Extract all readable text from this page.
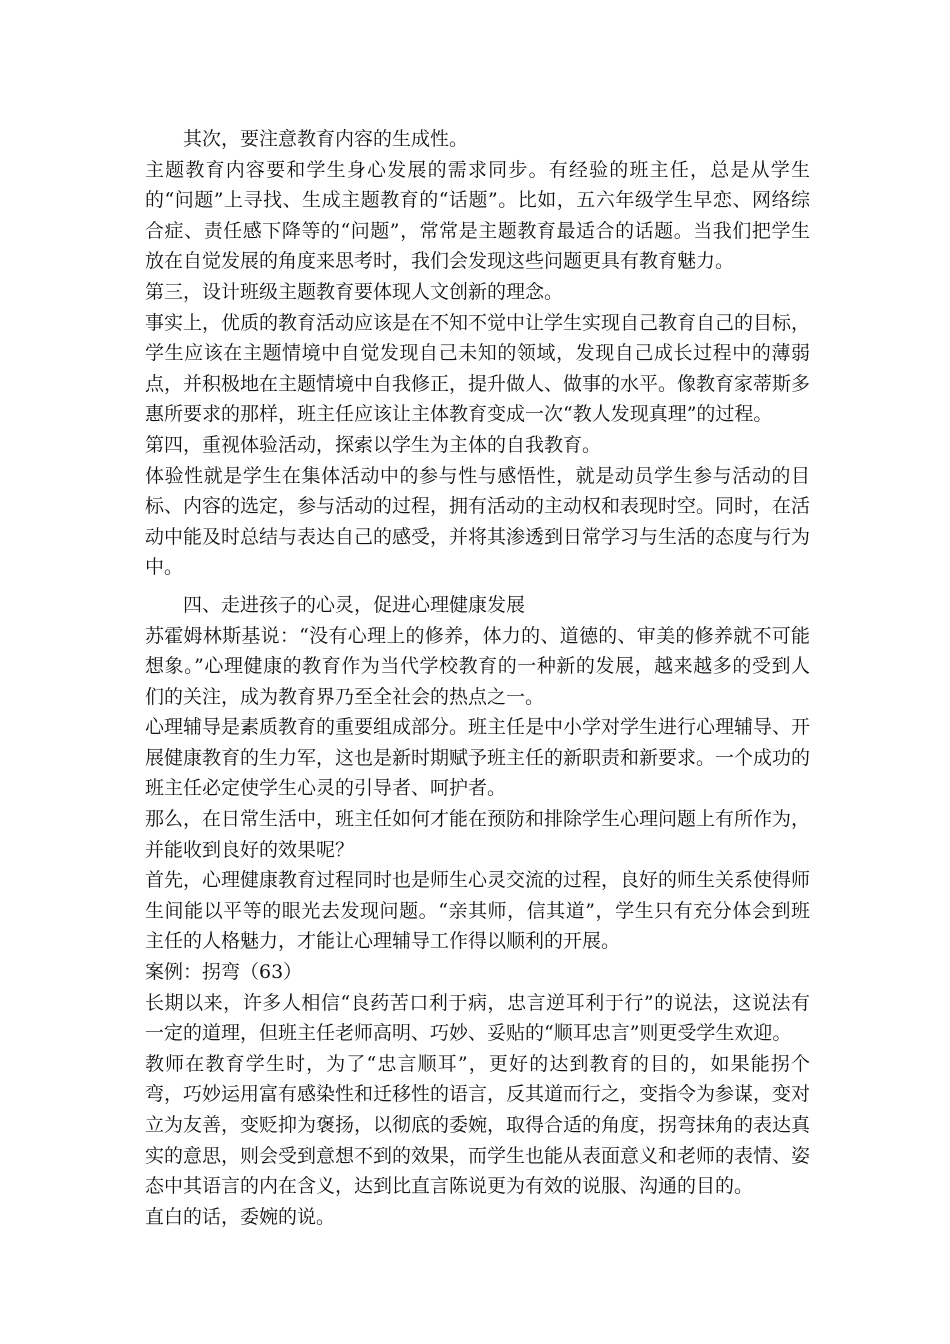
其次，要注意教育内容的生成性。

主题教育内容要和学生身心发展的需求同步。有经验的班主任，总是从学生的“问题”上寻找、生成主题教育的“话题”。比如，五六年级学生早恋、网络综合症、责任感下降等的“问题”，常常是主题教育最适合的话题。当我们把学生放在自觉发展的角度来思考时，我们会发现这些问题更具有教育魅力。

第三，设计班级主题教育要体现人文创新的理念。

事实上，优质的教育活动应该是在不知不觉中让学生实现自己教育自己的目标，学生应该在主题情境中自觉发现自己未知的领域，发现自己成长过程中的薄弱点，并积极地在主题情境中自我修正，提升做人、做事的水平。像教育家蒂斯多惠所要求的那样，班主任应该让主体教育变成一次“教人发现真理”的过程。

第四，重视体验活动，探索以学生为主体的自我教育。

体验性就是学生在集体活动中的参与性与感悟性，就是动员学生参与活动的目标、内容的选定，参与活动的过程，拥有活动的主动权和表现时空。同时，在活动中能及时总结与表达自己的感受，并将其渗透到日常学习与生活的态度与行为中。

四、走进孩子的心灵，促进心理健康发展

苏霍姆林斯基说：“没有心理上的修养，体力的、道德的、审美的修养就不可能想象。”心理健康的教育作为当代学校教育的一种新的发展，越来越多的受到人们的关注，成为教育界乃至全社会的热点之一。

心理辅导是素质教育的重要组成部分。班主任是中小学对学生进行心理辅导、开展健康教育的生力军，这也是新时期赋予班主任的新职责和新要求。一个成功的班主任必定使学生心灵的引导者、呵护者。

那么，在日常生活中，班主任如何才能在预防和排除学生心理问题上有所作为，并能收到良好的效果呢？

首先，心理健康教育过程同时也是师生心灵交流的过程，良好的师生关系使得师生间能以平等的眼光去发现问题。“亲其师，信其道”，学生只有充分体会到班主任的人格魅力，才能让心理辅导工作得以顺利的开展。

案例：拐弯（63）

长期以来，许多人相信“良药苦口利于病，忠言逆耳利于行”的说法，这说法有一定的道理，但班主任老师高明、巧妙、妥贴的“顺耳忠言”则更受学生欢迎。

教师在教育学生时，为了“忠言顺耳”，更好的达到教育的目的，如果能拐个弯，巧妙运用富有感染性和迁移性的语言，反其道而行之，变指令为参谋，变对立为友善，变贬抑为褒扬，以彻底的委婉，取得合适的角度，拐弯抹角的表达真实的意思，则会受到意想不到的效果，而学生也能从表面意义和老师的表情、姿态中其语言的内在含义，达到比直言陈说更为有效的说服、沟通的目的。

直白的话，委婉的说。
